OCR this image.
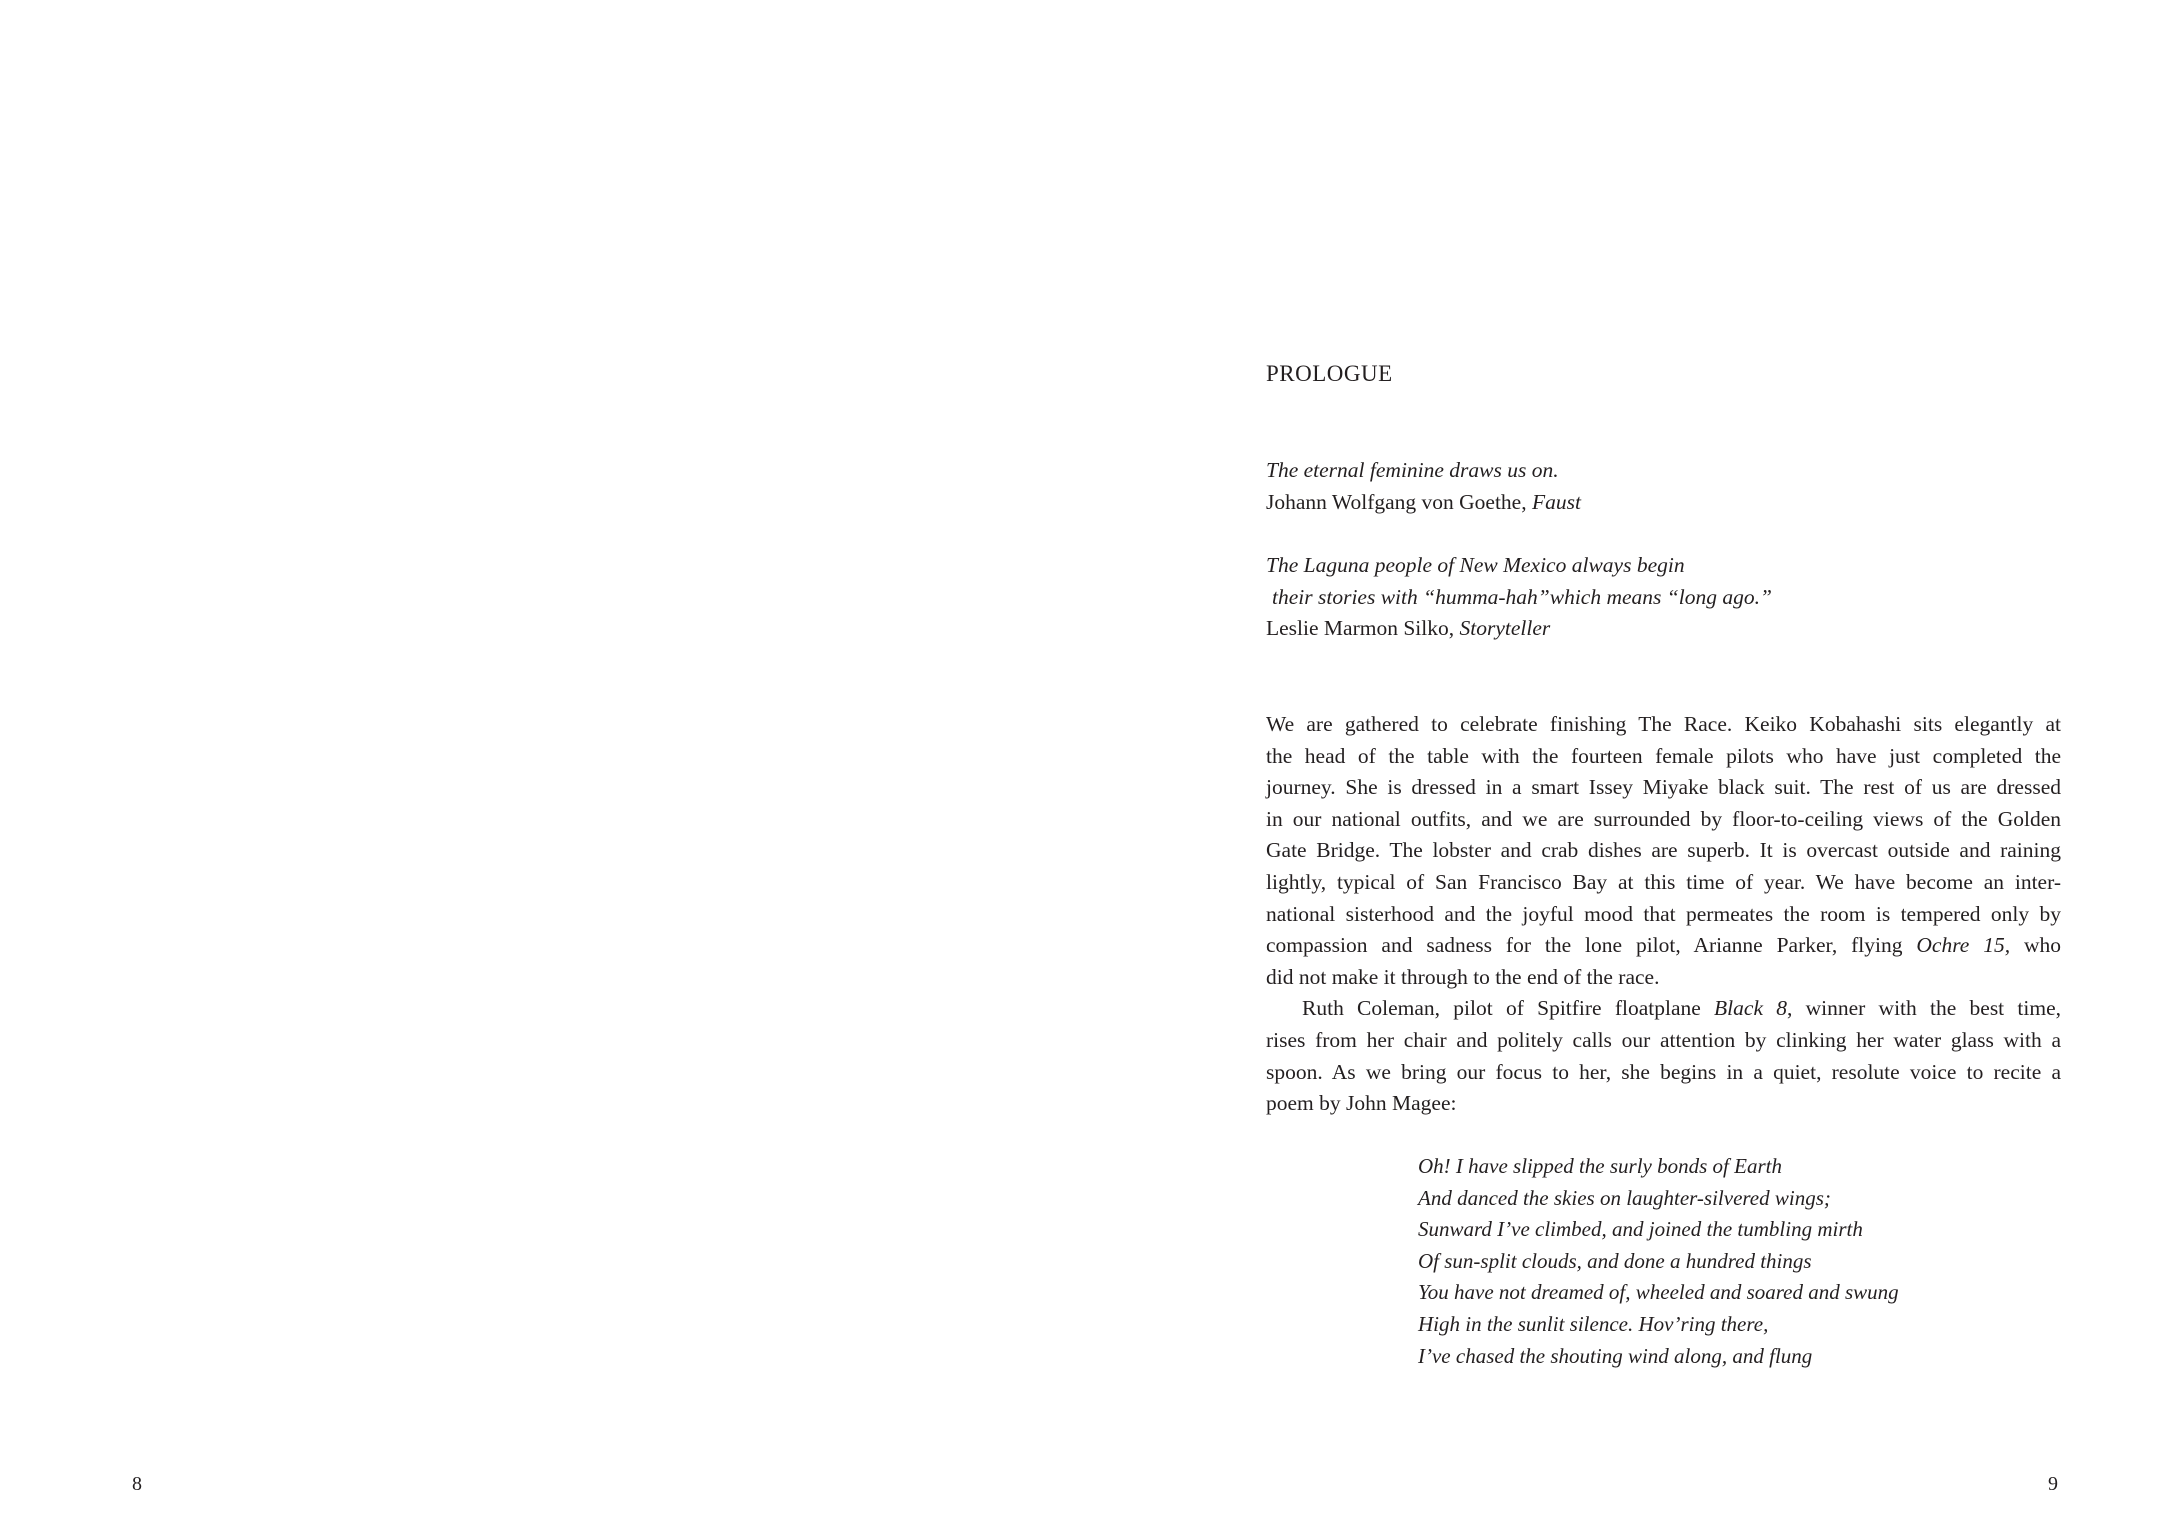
8
PROLOGUE
The eternal feminine draws us on.
Johann Wolfgang von Goethe, Faust
The Laguna people of New Mexico always begin
their stories with “humma-hah”which means “long ago.”
Leslie Marmon Silko, Storyteller
We are gathered to celebrate finishing The Race. Keiko Kobahashi sits elegantly at
the head of the table with the fourteen female pilots who have just completed the
journey. She is dressed in a smart Issey Miyake black suit. The rest of us are dressed
in our national outfits, and we are surrounded by floor-to-ceiling views of the Golden
Gate Bridge. The lobster and crab dishes are superb. It is overcast outside and raining
lightly, typical of San Francisco Bay at this time of year. We have become an inter-
national sisterhood and the joyful mood that permeates the room is tempered only by
compassion and sadness for the lone pilot, Arianne Parker, flying Ochre 15, who
did not make it through to the end of the race.
Ruth Coleman, pilot of Spitfire floatplane Black 8, winner with the best time,
rises from her chair and politely calls our attention by clinking her water glass with a
spoon. As we bring our focus to her, she begins in a quiet, resolute voice to recite a
poem by John Magee:
Oh! I have slipped the surly bonds of Earth
And danced the skies on laughter-silvered wings;
Sunward I’ve climbed, and joined the tumbling mirth
Of sun-split clouds, and done a hundred things
You have not dreamed of, wheeled and soared and swung
High in the sunlit silence. Hov’ring there,
I’ve chased the shouting wind along, and flung
9
